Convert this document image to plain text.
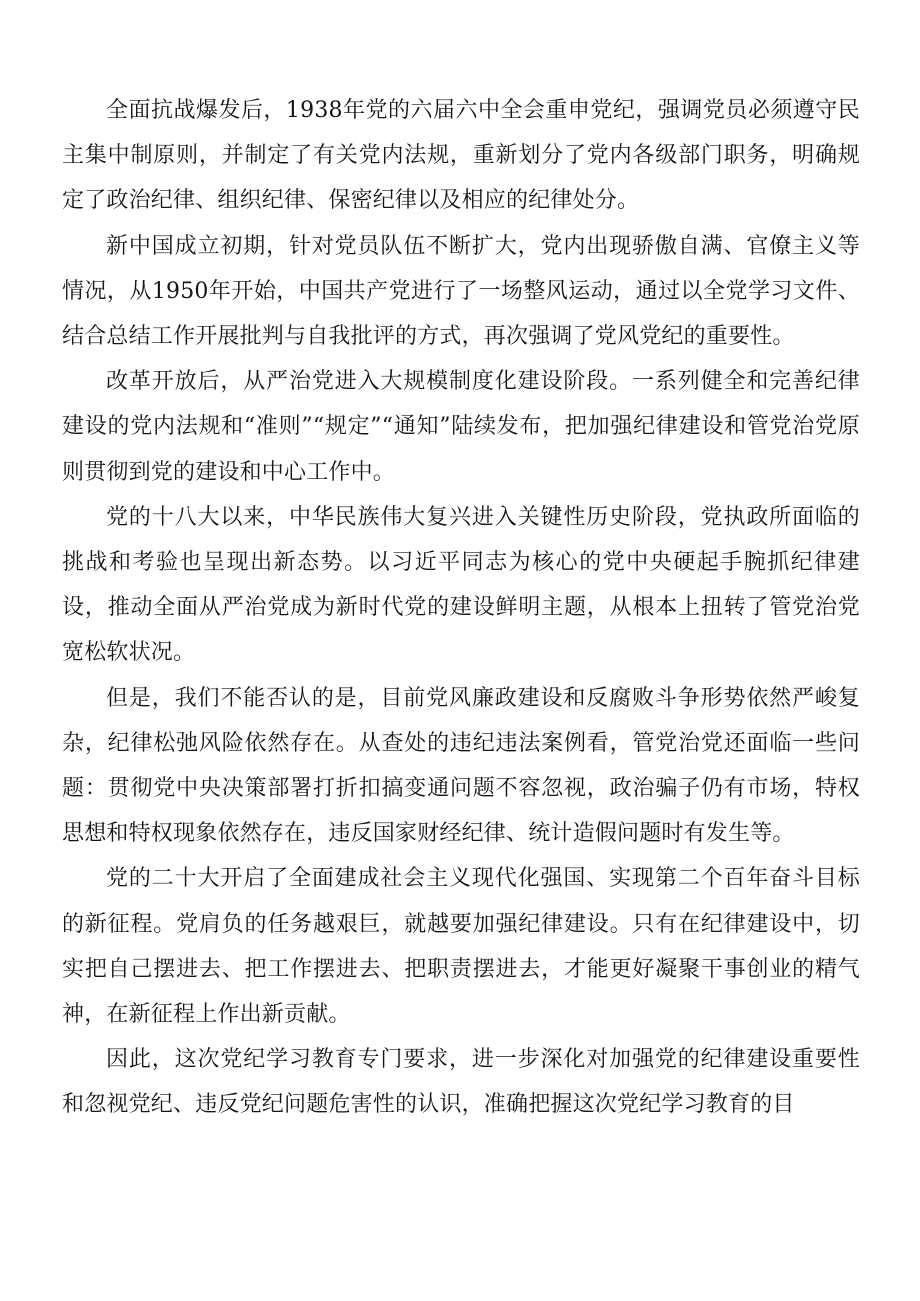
全面抗战爆发后，1938年党的六届六中全会重申党纪，强调党员必须遵守民主集中制原则，并制定了有关党内法规，重新划分了党内各级部门职务，明确规定了政治纪律、组织纪律、保密纪律以及相应的纪律处分。

新中国成立初期，针对党员队伍不断扩大，党内出现骄傲自满、官僚主义等情况，从1950年开始，中国共产党进行了一场整风运动，通过以全党学习文件、结合总结工作开展批判与自我批评的方式，再次强调了党风党纪的重要性。

改革开放后，从严治党进入大规模制度化建设阶段。一系列健全和完善纪律建设的党内法规和“准则”“规定”“通知”陆续发布，把加强纪律建设和管党治党原则贯彻到党的建设和中心工作中。

党的十八大以来，中华民族伟大复兴进入关键性历史阶段，党执政所面临的挑战和考验也呈现出新态势。以习近平同志为核心的党中央硬起手腕抓纪律建设，推动全面从严治党成为新时代党的建设鲜明主题，从根本上扭转了管党治党宽松软状况。

但是，我们不能否认的是，目前党风廉政建设和反腐败斗争形势依然严峻复杂，纪律松弛风险依然存在。从查处的违纪违法案例看，管党治党还面临一些问题：贯彻党中央决策部署打折扣搞变通问题不容忽视，政治骗子仍有市场，特权思想和特权现象依然存在，违反国家财经纪律、统计造假问题时有发生等。

党的二十大开启了全面建成社会主义现代化强国、实现第二个百年奋斗目标的新征程。党肩负的任务越艰巨，就越要加强纪律建设。只有在纪律建设中，切实把自己摆进去、把工作摆进去、把职责摆进去，才能更好凝聚干事创业的精气神，在新征程上作出新贡献。

因此，这次党纪学习教育专门要求，进一步深化对加强党的纪律建设重要性和忽视党纪、违反党纪问题危害性的认识，准确把握这次党纪学习教育的目
